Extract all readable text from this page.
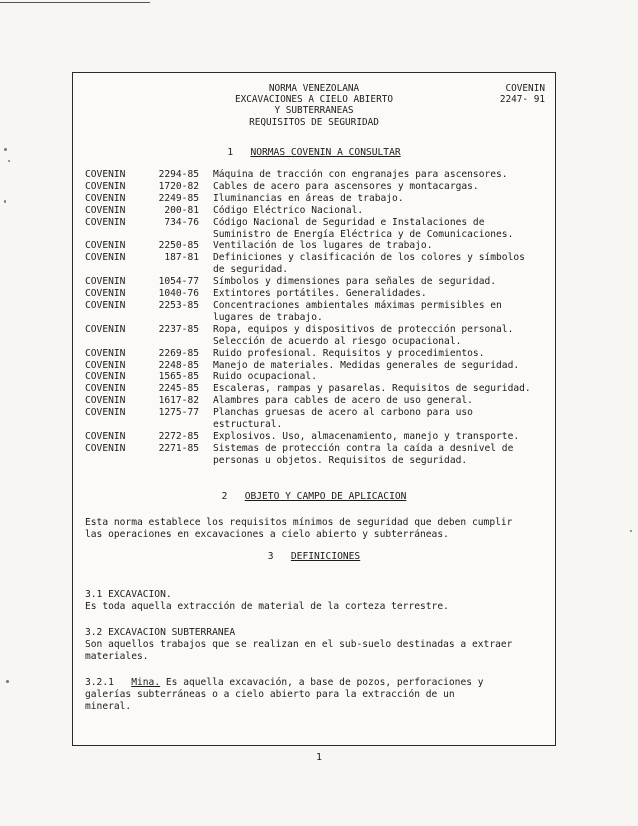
NORMA VENEZOLANA
EXCAVACIONES A CIELO ABIERTO
Y SUBTERRANEAS
REQUISITOS DE SEGURIDAD
COVENIN
2247- 91
1 NORMAS COVENIN A CONSULTAR
COVENIN	2294-85 Máquina de tracción con engranajes para ascensores.
COVENIN	1720-82 Cables de acero para ascensores y montacargas.
COVENIN	2249-85 Iluminancias en áreas de trabajo.
COVENIN	200-81 Código Eléctrico Nacional.
COVENIN	734-76 Código Nacional de Seguridad e Instalaciones de
Suministro de Energía Eléctrica y de Comunicaciones.
COVENIN	2250-85 Ventilación de los lugares de trabajo.
COVENIN	187-81 Definiciones y clasificación de los colores y símbolos
de seguridad.
COVENIN	1054-77 Símbolos y dimensiones para señales de seguridad.
COVENIN	1040-76 Extintores portátiles. Generalidades.
COVENIN	2253-85 Concentraciones ambientales máximas permisibles en
lugares de trabajo.
COVENIN	2237-85 Ropa, equipos y dispositivos de protección personal.
Selección de acuerdo al riesgo ocupacional.
COVENIN	2269-85 Ruido profesional. Requisitos y procedimientos.
COVENIN	2248-85 Manejo de materiales. Medidas generales de seguridad.
COVENIN	1565-85 Ruido ocupacional.
COVENIN	2245-85 Escaleras, rampas y pasarelas. Requisitos de seguridad.
COVENIN	1617-82 Alambres para cables de acero de uso general.
COVENIN	1275-77 Planchas gruesas de acero al carbono para uso
estructural.
COVENIN	2272-85 Explosivos. Uso, almacenamiento, manejo y transporte.
COVENIN	2271-85 Sistemas de protección contra la caída a desnivel de
personas u objetos. Requisitos de seguridad.
2 OBJETO Y CAMPO DE APLICACION
Esta norma establece los requisitos mínimos de seguridad que deben cumplir
las operaciones en excavaciones a cielo abierto y subterráneas.
3 DEFINICIONES
3.1 EXCAVACION.
Es toda aquella extracción de material de la corteza terrestre.
3.2 EXCAVACION SUBTERRANEA
Son aquellos trabajos que se realizan en el sub-suelo destinadas a extraer
materiales.
3.2.1 Mina. Es aquella excavación, a base de pozos, perforaciones y
galerías subterráneas o a cielo abierto para la extracción de un
mineral.
1
